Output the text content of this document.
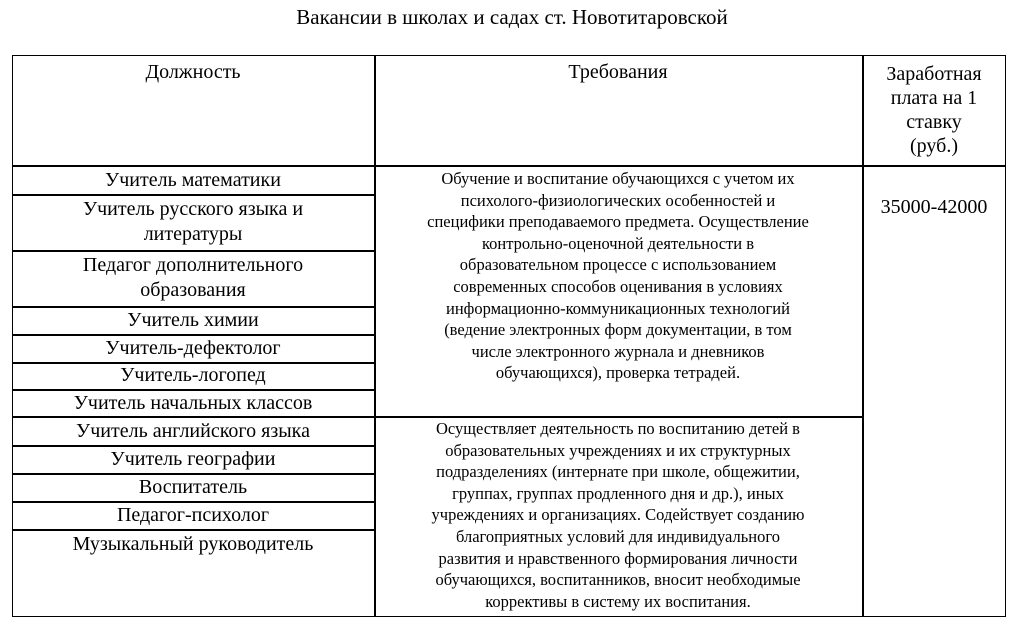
Вакансии в школах и садах ст. Новотитаровской
Должность	Требования	Заработная
плата на 1
ставку
(руб.)
Учитель математики
Учитель русского языка и
литературы
Педагог дополнительного
образования
Учитель химии
Учитель-дефектолог
Учитель-логопед
Учитель начальных классов
Учитель английского языка
Учитель географии
Воспитатель
Педагог-психолог
Музыкальный руководитель
Обучение и воспитание обучающихся с учетом их
психолого-физиологических особенностей и
специфики преподаваемого предмета. Осуществление
контрольно-оценочной деятельности в
образовательном процессе с использованием
современных способов оценивания в условиях
информационно-коммуникационных технологий
(ведение электронных форм документации, в том
числе электронного журнала и дневников
обучающихся), проверка тетрадей.
Осуществляет деятельность по воспитанию детей в
образовательных учреждениях и их структурных
подразделениях (интернате при школе, общежитии,
группах, группах продленного дня и др.), иных
учреждениях и организациях. Содействует созданию
благоприятных условий для индивидуального
развития и нравственного формирования личности
обучающихся, воспитанников, вносит необходимые
коррективы в систему их воспитания.
35000-42000
